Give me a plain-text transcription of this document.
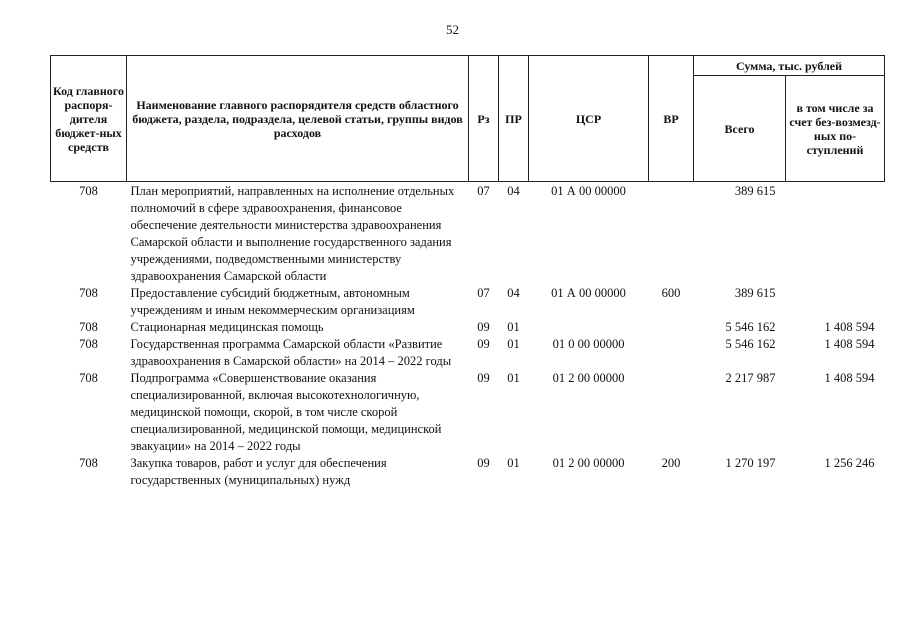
52
Код главного распоря-дителя бюджет-ных средств	Наименование главного распорядителя средств областного бюджета, раздела, подраздела, целевой статьи, группы видов расходов	Рз	ПР	ЦСР	ВР	Сумма, тыс. рублей	
						Всего	в том числе за счет без-возмезд-ных по-ступлений
708	План мероприятий, направленных на исполнение отдельных полномочий в сфере здравоохранения, финансовое обеспечение деятельности министерства здравоохранения Самарской области и выполнение государственного задания учреждениями, подведомственными министерству здравоохранения Самарской области	07	04	01 А 00 00000		389 615	
708	Предоставление субсидий бюджетным, автономным учреждениям и иным некоммерческим организациям	07	04	01 А 00 00000	600	389 615	
708	Стационарная медицинская помощь	09	01			5 546 162	1 408 594
708	Государственная программа Самарской области «Развитие здравоохранения в Самарской области» на 2014 – 2022 годы	09	01	01 0 00 00000		5 546 162	1 408 594
708	Подпрограмма «Совершенствование оказания специализированной, включая высокотехнологичную, медицинской помощи, скорой, в том числе скорой специализированной, медицинской помощи, медицинской эвакуации» на 2014 – 2022 годы	09	01	01 2 00 00000		2 217 987	1 408 594
708	Закупка товаров, работ и услуг для обеспечения государственных (муниципальных) нужд	09	01	01 2 00 00000	200	1 270 197	1 256 246
